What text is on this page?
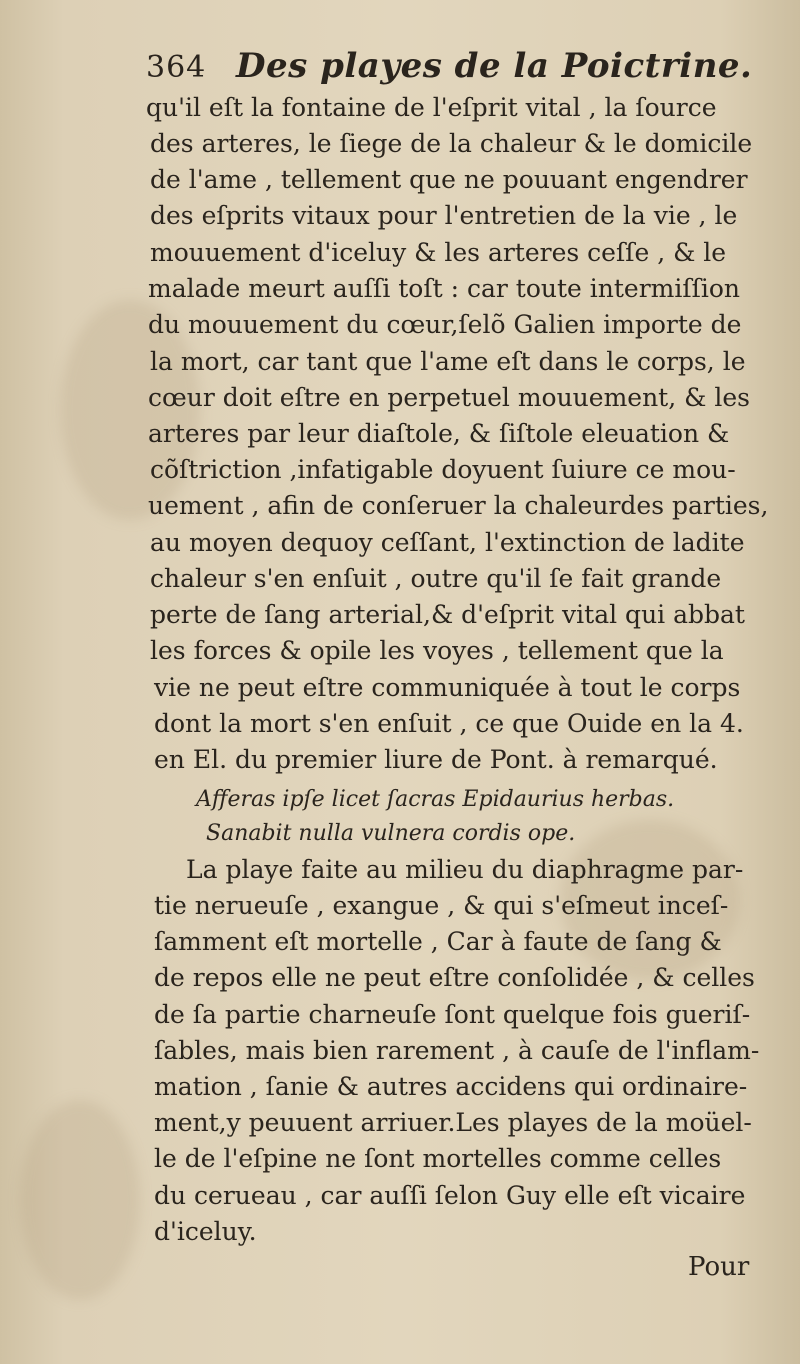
364 Des playes de la Poictrine.
qu'il eſt la fontaine de l'eſprit vital , la ſource
des arteres, le ſiege de la chaleur & le domicile
de l'ame , tellement que ne pouuant engendrer
des eſprits vitaux pour l'entretien de la vie , le
mouuement d'iceluy & les arteres ceſſe , & le
malade meurt auſſi toſt : car toute intermiſſion
du mouuement du cœur,ſelõ Galien importe de
la mort, car tant que l'ame eſt dans le corps, le
cœur doit eſtre en perpetuel mouuement, & les
arteres par leur diaſtole, & ſiſtole eleuation &
cõſtriction ,infatigable doyuent ſuiure ce mou-
uement , afin de conſeruer la chaleurdes parties,
au moyen dequoy ceſſant, l'extinction de ladite
chaleur s'en enſuit , outre qu'il ſe fait grande
perte de ſang arterial,& d'eſprit vital qui abbat
les forces & opile les voyes , tellement que la
vie ne peut eſtre communiquée à tout le corps
dont la mort s'en enſuit , ce que Ouide en la 4.
en El. du premier liure de Pont. à remarqué.
Afferas ipſe licet ſacras Epidaurius herbas.
Sanabit nulla vulnera cordis ope.
La playe faite au milieu du diaphragme par-
tie nerueuſe , exangue , & qui s'eſmeut inceſ-
ſamment eſt mortelle , Car à faute de ſang &
de repos elle ne peut eſtre conſolidée , & celles
de ſa partie charneuſe ſont quelque fois gueriſ-
ſables, mais bien rarement , à cauſe de l'inflam-
mation , ſanie & autres accidens qui ordinaire-
ment,y peuuent arriuer.Les playes de la moüel-
le de l'eſpine ne ſont mortelles comme celles
du cerueau , car auſſi ſelon Guy elle eſt vicaire
d'iceluy.
Pour
